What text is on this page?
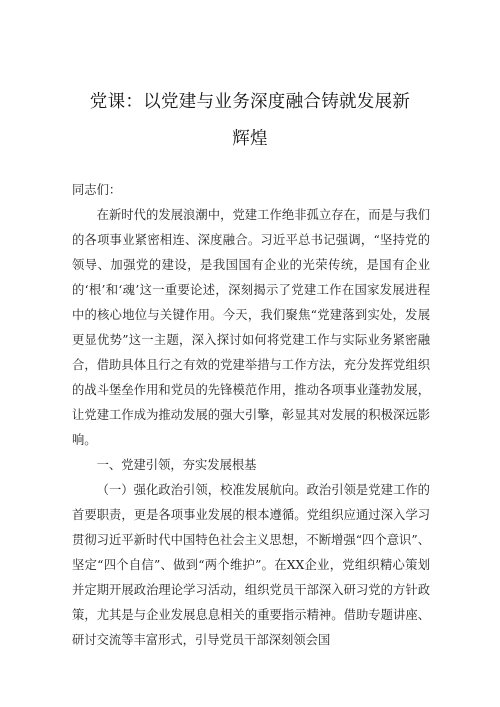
党课：以党建与业务深度融合铸就发展新
辉煌

同志们：

在新时代的发展浪潮中，党建工作绝非孤立存在，而是与我们的各项事业紧密相连、深度融合。习近平总书记强调，“坚持党的领导、加强党的建设，是我国国有企业的光荣传统，是国有企业的‘根’和‘魂’这一重要论述，深刻揭示了党建工作在国家发展进程中的核心地位与关键作用。今天，我们聚焦“党建落到实处，发展更显优势”这一主题，深入探讨如何将党建工作与实际业务紧密融合，借助具体且行之有效的党建举措与工作方法，充分发挥党组织的战斗堡垒作用和党员的先锋模范作用，推动各项事业蓬勃发展，让党建工作成为推动发展的强大引擎，彰显其对发展的积极深远影响。

一、党建引领，夯实发展根基

（一）强化政治引领，校准发展航向。政治引领是党建工作的首要职责，更是各项事业发展的根本遵循。党组织应通过深入学习贯彻习近平新时代中国特色社会主义思想，不断增强“四个意识”、坚定“四个自信”、做到“两个维护”。在XX企业，党组织精心策划并定期开展政治理论学习活动，组织党员干部深入研习党的方针政策，尤其是与企业发展息息相关的重要指示精神。借助专题讲座、研讨交流等丰富形式，引导党员干部深刻领会国
